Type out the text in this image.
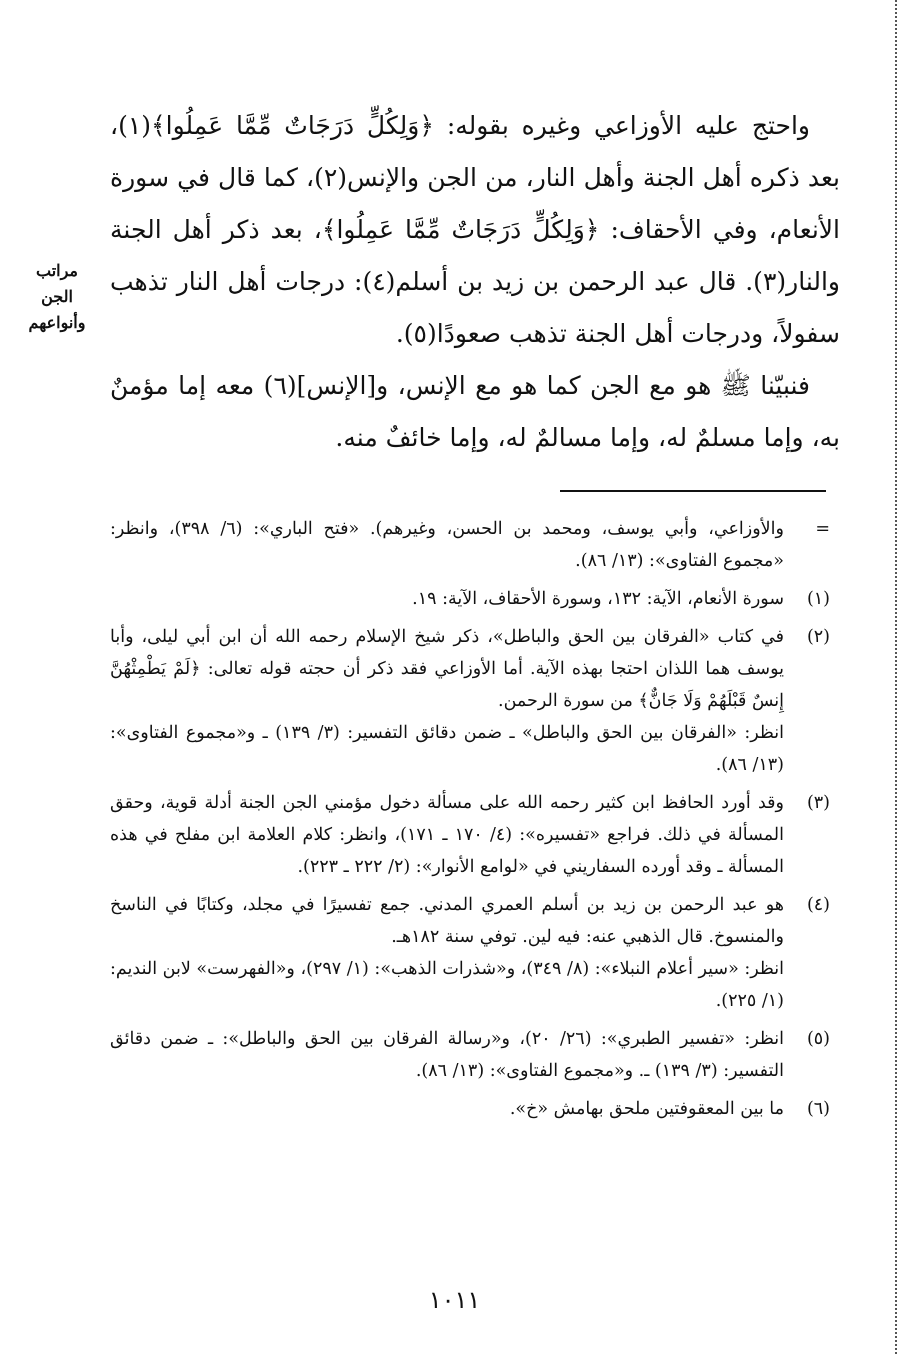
مراتب الجن وأنواعهم

واحتج عليه الأوزاعي وغيره بقوله: ﴿وَلِكُلٍّ دَرَجَاتٌ مِّمَّا عَمِلُوا﴾(١)، بعد ذكره أهل الجنة وأهل النار، من الجن والإنس(٢)، كما قال في سورة الأنعام، وفي الأحقاف: ﴿وَلِكُلٍّ دَرَجَاتٌ مِّمَّا عَمِلُوا﴾، بعد ذكر أهل الجنة والنار(٣). قال عبد الرحمن بن زيد بن أسلم(٤): درجات أهل النار تذهب سفولاً، ودرجات أهل الجنة تذهب صعودًا(٥).

فنبيّنا ﷺ هو مع الجن كما هو مع الإنس، و[الإنس](٦) معه إما مؤمنٌ به، وإما مسلمٌ له، وإما مسالمٌ له، وإما خائفٌ منه.

=

والأوزاعي، وأبي يوسف، ومحمد بن الحسن، وغيرهم). «فتح الباري»: (٦/ ٣٩٨)، وانظر: «مجموع الفتاوى»: (١٣/ ٨٦).

(١)

سورة الأنعام، الآية: ١٣٢، وسورة الأحقاف، الآية: ١٩.

(٢)

في كتاب «الفرقان بين الحق والباطل»، ذكر شيخ الإسلام رحمه الله أن ابن أبي ليلى، وأبا يوسف هما اللذان احتجا بهذه الآية. أما الأوزاعي فقد ذكر أن حجته قوله تعالى: ﴿لَمْ يَطْمِثْهُنَّ إِنسٌ قَبْلَهُمْ وَلَا جَانٌّ﴾ من سورة الرحمن.

انظر: «الفرقان بين الحق والباطل» ـ ضمن دقائق التفسير: (٣/ ١٣٩) ـ و«مجموع الفتاوى»: (١٣/ ٨٦).

(٣)

وقد أورد الحافظ ابن كثير رحمه الله على مسألة دخول مؤمني الجن الجنة أدلة قوية، وحقق المسألة في ذلك. فراجع «تفسيره»: (٤/ ١٧٠ ـ ١٧١)، وانظر: كلام العلامة ابن مفلح في هذه المسألة ـ وقد أورده السفاريني في «لوامع الأنوار»: (٢/ ٢٢٢ ـ ٢٢٣).

(٤)

هو عبد الرحمن بن زيد بن أسلم العمري المدني. جمع تفسيرًا في مجلد، وكتابًا في الناسخ والمنسوخ. قال الذهبي عنه: فيه لين. توفي سنة ١٨٢هـ.

انظر: «سير أعلام النبلاء»: (٨/ ٣٤٩)، و«شذرات الذهب»: (١/ ٢٩٧)، و«الفهرست» لابن النديم: (١/ ٢٢٥).

(٥)

انظر: «تفسير الطبري»: (٢٦/ ٢٠)، و«رسالة الفرقان بين الحق والباطل»: ـ ضمن دقائق التفسير: (٣/ ١٣٩) ـ. و«مجموع الفتاوى»: (١٣/ ٨٦).

(٦)

ما بين المعقوفتين ملحق بهامش «خ».

١٠١١
